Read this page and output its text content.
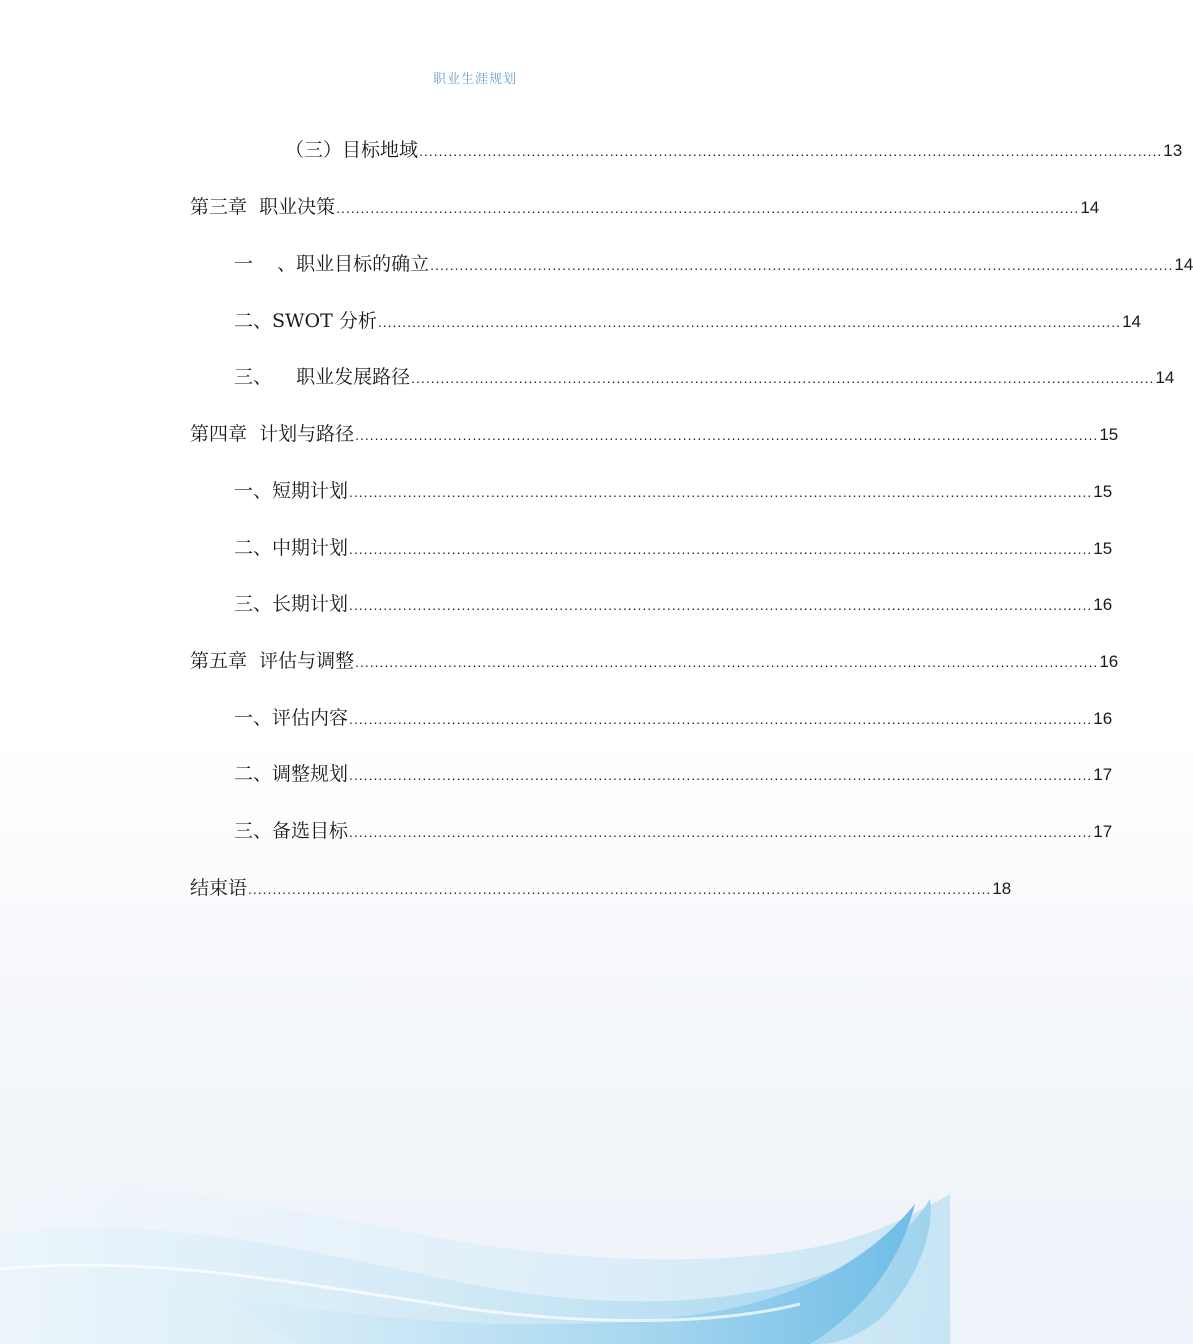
职业生涯规划
（三）目标地域 ........................................................................................................................................................ 13
第三章  职业决策 ........................................................................................................................................................ 14
一    、职业目标的确立 ........................................................................................................................................................ 14
二、SWOT 分析 ........................................................................................................................................................ 14
三、    职业发展路径 ........................................................................................................................................................ 14
第四章  计划与路径 ........................................................................................................................................................ 15
一、短期计划 ........................................................................................................................................................ 15
二、中期计划 ........................................................................................................................................................ 15
三、长期计划 ........................................................................................................................................................ 16
第五章  评估与调整 ........................................................................................................................................................ 16
一、评估内容 ........................................................................................................................................................ 16
二、调整规划 ........................................................................................................................................................ 17
三、备选目标 ........................................................................................................................................................ 17
结束语 ........................................................................................................................................................ 18
